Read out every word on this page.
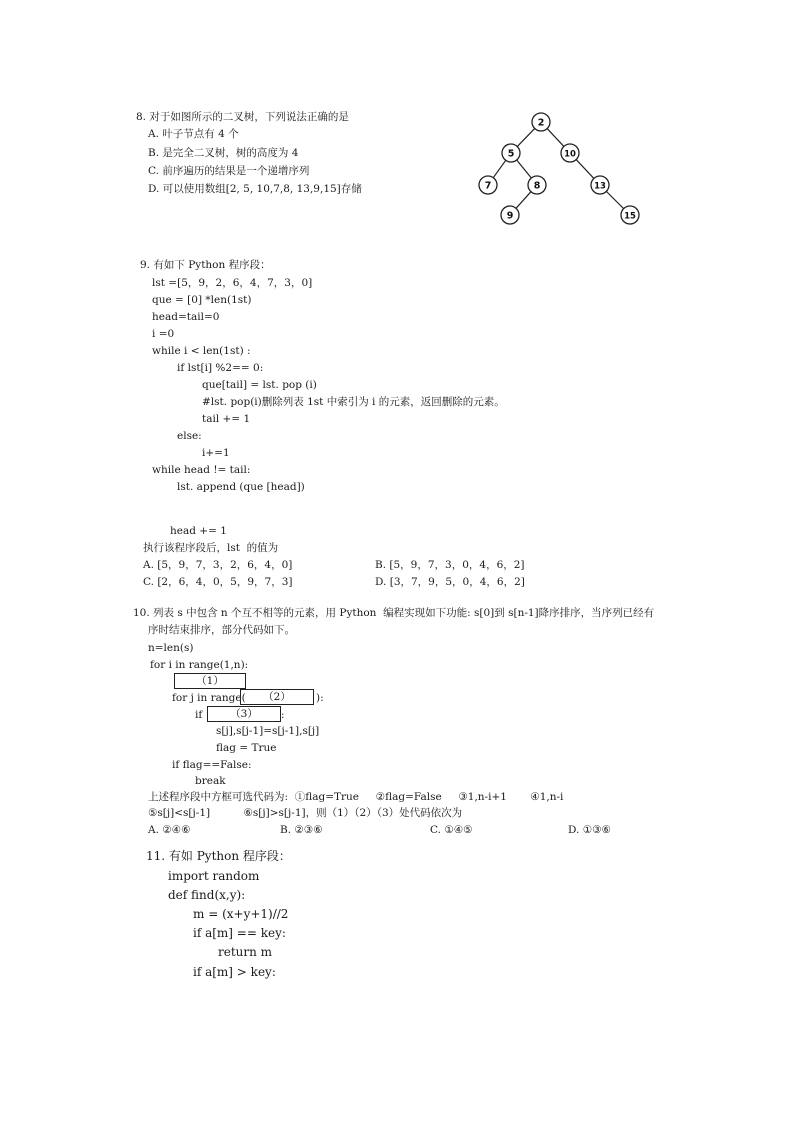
8. 对于如图所示的二叉树，下列说法正确的是
A. 叶子节点有 4 个
B. 是完全二叉树，树的高度为 4
C. 前序遍历的结果是一个递增序列
D. 可以使用数组[2, 5, 10,7,8, 13,9,15]存储
2
5	10
7	8	13
9	15
9. 有如下 Python 程序段：
lst =[5，9，2，6，4，7，3，0]
que = [0] *len(1st)
head=tail=0
i =0
while i < len(1st) :
if lst[i] %2== 0:
que[tail] = lst. pop (i)
#lst. pop(i)删除列表 1st 中索引为 i 的元素，返回删除的元素。
tail += 1
else:
i+=1
while head != tail:
lst. append (que [head])
head += 1
执行该程序段后，lst  的值为
A. [5，9，7，3，2，6，4，0]	B. [5，9，7，3，0，4，6，2]
C. [2，6，4，0，5，9，7，3]	D. [3，7，9，5，0，4，6，2]
10. 列表 s 中包含 n 个互不相等的元素，用 Python  编程实现如下功能: s[0]到 s[n-1]降序排序，当序列已经有
序时结束排序，部分代码如下。
n=len(s)
for i in range(1,n):
（1）
for j in range(	（2）	):
if	（3）	:
s[j],s[j-1]=s[j-1],s[j]
flag = True
if flag==False:
break
上述程序段中方框可选代码为:  ①flag=True     ②flag=False     ③1,n-i+1       ④1,n-i
⑤s[j]<s[j-1]          ⑥s[j]>s[j-1]，则（1）（2）（3）处代码依次为
A. ②④⑥	B. ②③⑥	C. ①④⑤	D. ①③⑥
11. 有如 Python 程序段：
import random
def find(x,y):
m = (x+y+1)//2
if a[m] == key:
return m
if a[m] > key:
